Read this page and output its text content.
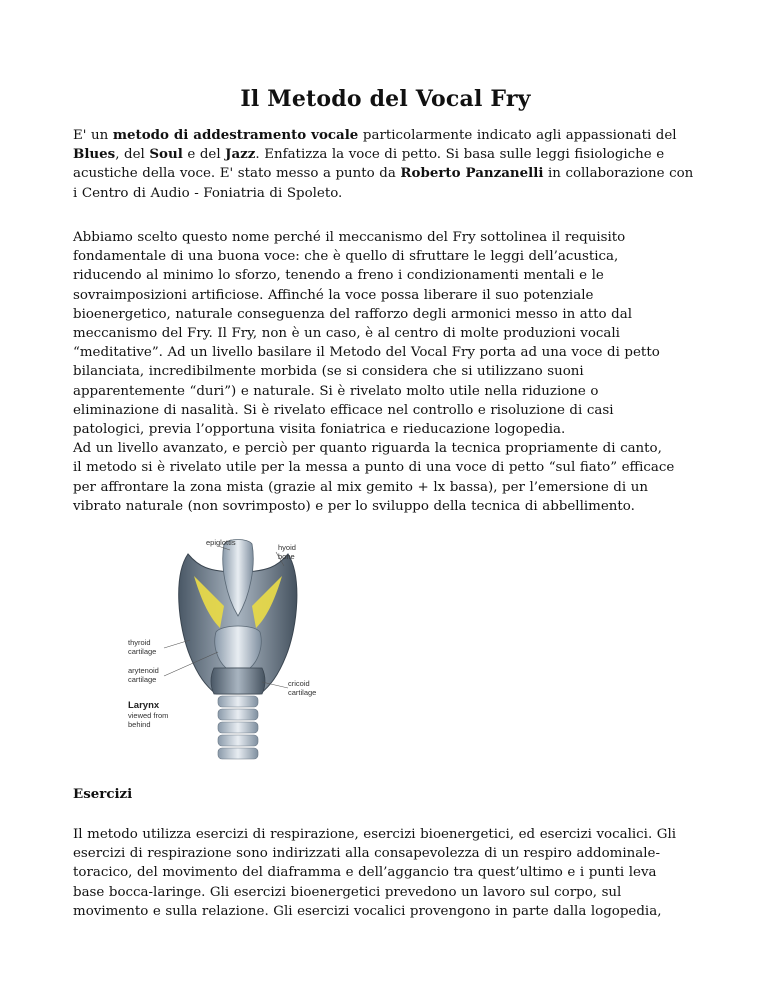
Il Metodo del Vocal Fry

E' un metodo di addestramento vocale particolarmente indicato agli appassionati del Blues, del Soul e del Jazz. Enfatizza la voce di petto. Si basa sulle leggi fisiologiche e acustiche della voce. E' stato messo a punto da Roberto Panzanelli in collaborazione con i Centro di Audio - Foniatria di Spoleto.

Abbiamo scelto questo nome perché il meccanismo del Fry sottolinea il requisito
fondamentale di una buona voce: che è quello di sfruttare le leggi dell’acustica,
riducendo al minimo lo sforzo, tenendo a freno i condizionamenti mentali e le
sovraimposizioni artificiose. Affinché la voce possa liberare il suo potenziale
bioenergetico, naturale conseguenza del rafforzo degli armonici messo in atto dal
meccanismo del Fry. Il Fry, non è un caso, è al centro di molte produzioni vocali
“meditative”. Ad un livello basilare il Metodo del Vocal Fry porta ad una voce di petto
bilanciata, incredibilmente morbida (se si considera che si utilizzano suoni
apparentemente “duri”) e naturale. Si è rivelato molto utile nella riduzione o
eliminazione di nasalità. Si è rivelato efficace nel controllo e risoluzione di casi
patologici, previa l’opportuna visita foniatrica e rieducazione logopedia.
Ad un livello avanzato, e perciò per quanto riguarda la tecnica propriamente di canto,
il metodo si è rivelato utile per la messa a punto di una voce di petto “sul fiato” efficace
per affrontare la zona mista (grazie al mix gemito + lx bassa), per l’emersione di un
vibrato naturale (non sovrimposto) e per lo sviluppo della tecnica di abbellimento.

epiglottis
hyoid
bone
thyroid
cartilage
arytenoid
cartilage	cricoid
cartilage
Larynx
viewed from
behind
Esercizi

Il metodo utilizza esercizi di respirazione, esercizi bioenergetici, ed esercizi vocalici. Gli
esercizi di respirazione sono indirizzati alla consapevolezza di un respiro addominale-
toracico, del movimento del diaframma e dell’aggancio tra quest’ultimo e i punti leva
base bocca-laringe. Gli esercizi bioenergetici prevedono un lavoro sul corpo, sul
movimento e sulla relazione. Gli esercizi vocalici provengono in parte dalla logopedia,
